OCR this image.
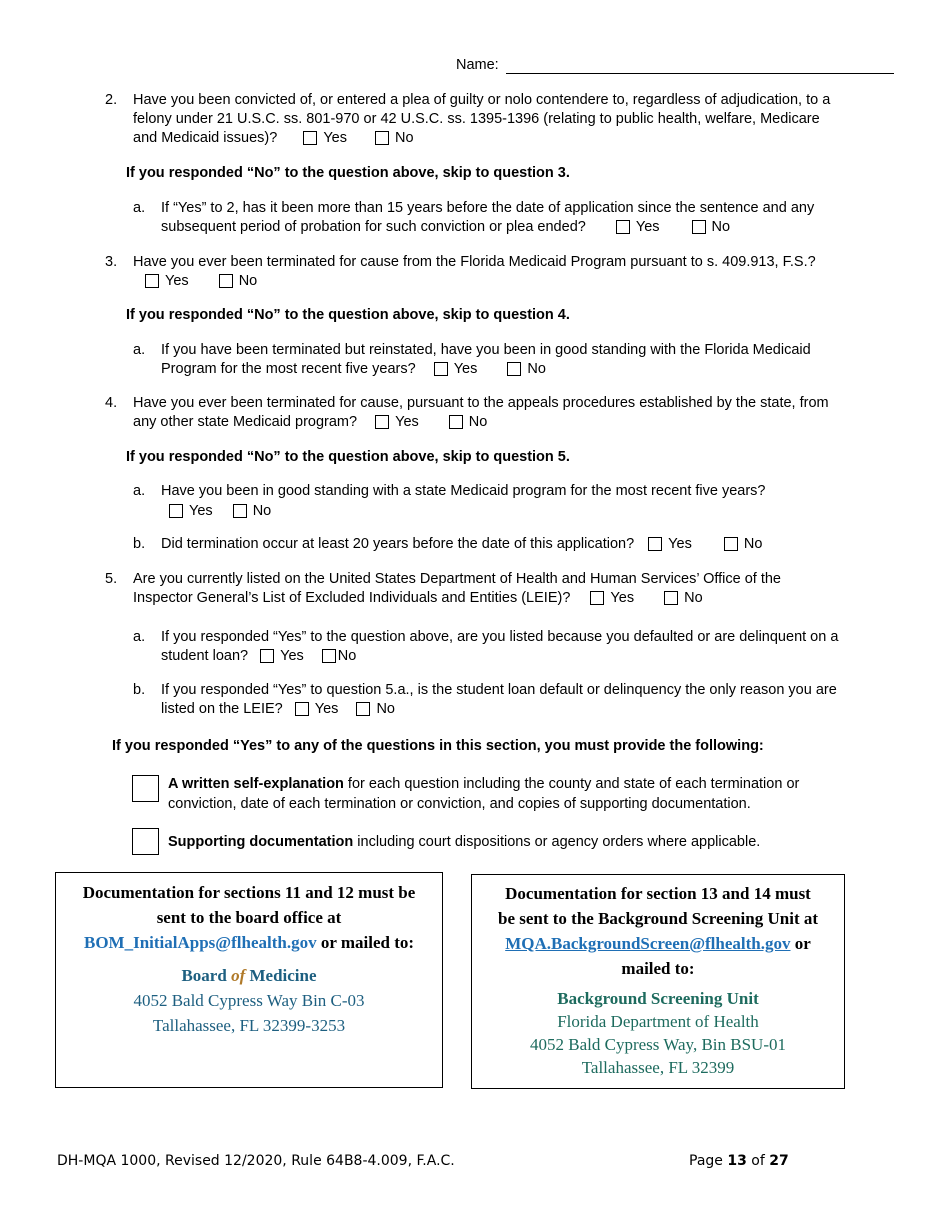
Name:
2. Have you been convicted of, or entered a plea of guilty or nolo contendere to, regardless of adjudication, to a
felony under 21 U.S.C. ss. 801-970 or 42 U.S.C. ss. 1395-1396 (relating to public health, welfare, Medicare
and Medicaid issues)?	Yes	No
If you responded “No” to the question above, skip to question 3.
a. If “Yes” to 2, has it been more than 15 years before the date of application since the sentence and any
subsequent period of probation for such conviction or plea ended?	Yes	No
3. Have you ever been terminated for cause from the Florida Medicaid Program pursuant to s. 409.913, F.S.?
Yes	No
If you responded “No” to the question above, skip to question 4.
a. If you have been terminated but reinstated, have you been in good standing with the Florida Medicaid
Program for the most recent five years?	Yes	No
4. Have you ever been terminated for cause, pursuant to the appeals procedures established by the state, from
any other state Medicaid program?	Yes	No
If you responded “No” to the question above, skip to question 5.
a. Have you been in good standing with a state Medicaid program for the most recent five years?
Yes	No
b. Did termination occur at least 20 years before the date of this application? Yes	No
5. Are you currently listed on the United States Department of Health and Human Services’ Office of the
Inspector General’s List of Excluded Individuals and Entities (LEIE)?	Yes	No
a. If you responded “Yes” to the question above, are you listed because you defaulted or are delinquent on a
student loan? Yes No
b. If you responded “Yes” to question 5.a., is the student loan default or delinquency the only reason you are
listed on the LEIE? Yes	No
If you responded “Yes” to any of the questions in this section, you must provide the following:
A written self-explanation for each question including the county and state of each termination or
conviction, date of each termination or conviction, and copies of supporting documentation.
Supporting documentation including court dispositions or agency orders where applicable.
Documentation for sections 11 and 12 must be
sent to the board office at
BOM_InitialApps@flhealth.gov or mailed to:
Board of Medicine
4052 Bald Cypress Way Bin C-03
Tallahassee, FL 32399-3253
Documentation for section 13 and 14 must
be sent to the Background Screening Unit at
MQA.BackgroundScreen@flhealth.gov or
mailed to:
Background Screening Unit
Florida Department of Health
4052 Bald Cypress Way, Bin BSU-01
Tallahassee, FL 32399
DH-MQA 1000, Revised 12/2020, Rule 64B8-4.009, F.A.C.	Page 13 of 27
